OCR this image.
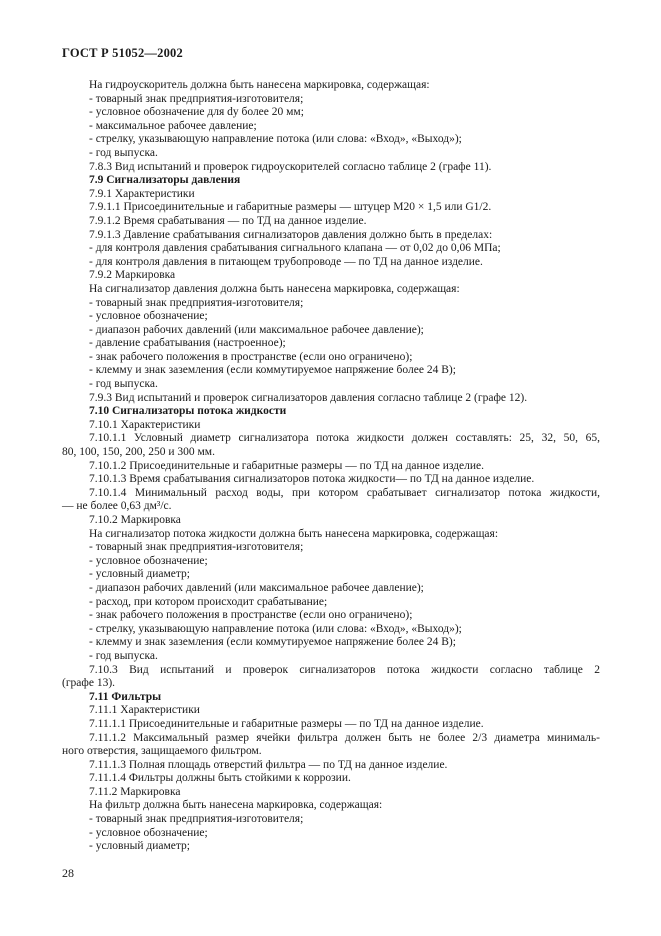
ГОСТ Р 51052—2002
На гидроускоритель должна быть нанесена маркировка, содержащая:
- товарный знак предприятия-изготовителя;
- условное обозначение для dy более 20 мм;
- максимальное рабочее давление;
- стрелку, указывающую направление потока (или слова: «Вход», «Выход»);
- год выпуска.
7.8.3 Вид испытаний и проверок гидроускорителей согласно таблице 2 (графе 11).
7.9 Сигнализаторы давления
7.9.1 Характеристики
7.9.1.1 Присоединительные и габаритные размеры — штуцер М20 × 1,5 или G1/2.
7.9.1.2 Время срабатывания — по ТД на данное изделие.
7.9.1.3 Давление срабатывания сигнализаторов давления должно быть в пределах:
- для контроля давления срабатывания сигнального клапана — от 0,02 до 0,06 МПа;
- для контроля давления в питающем трубопроводе — по ТД на данное изделие.
7.9.2 Маркировка
На сигнализатор давления должна быть нанесена маркировка, содержащая:
- товарный знак предприятия-изготовителя;
- условное обозначение;
- диапазон рабочих давлений (или максимальное рабочее давление);
- давление срабатывания (настроенное);
- знак рабочего положения в пространстве (если оно ограничено);
- клемму и знак заземления (если коммутируемое напряжение более 24 В);
- год выпуска.
7.9.3 Вид испытаний и проверок сигнализаторов давления согласно таблице 2 (графе 12).
7.10 Сигнализаторы потока жидкости
7.10.1 Характеристики
7.10.1.1 Условный диаметр сигнализатора потока жидкости должен составлять: 25, 32, 50, 65,
80, 100, 150, 200, 250 и 300 мм.
7.10.1.2 Присоединительные и габаритные размеры — по ТД на данное изделие.
7.10.1.3 Время срабатывания сигнализаторов потока жидкости— по ТД на данное изделие.
7.10.1.4 Минимальный расход воды, при котором срабатывает сигнализатор потока жидкости,
— не более 0,63 дм³/с.
7.10.2 Маркировка
На сигнализатор потока жидкости должна быть нанесена маркировка, содержащая:
- товарный знак предприятия-изготовителя;
- условное обозначение;
- условный диаметр;
- диапазон рабочих давлений (или максимальное рабочее давление);
- расход, при котором происходит срабатывание;
- знак рабочего положения в пространстве (если оно ограничено);
- стрелку, указывающую направление потока (или слова: «Вход», «Выход»);
- клемму и знак заземления (если коммутируемое напряжение более 24 В);
- год выпуска.
7.10.3 Вид испытаний и проверок сигнализаторов потока жидкости согласно таблице 2
(графе 13).
7.11 Фильтры
7.11.1 Характеристики
7.11.1.1 Присоединительные и габаритные размеры — по ТД на данное изделие.
7.11.1.2 Максимальный размер ячейки фильтра должен быть не более 2/3 диаметра минималь-
ного отверстия, защищаемого фильтром.
7.11.1.3 Полная площадь отверстий фильтра — по ТД на данное изделие.
7.11.1.4 Фильтры должны быть стойкими к коррозии.
7.11.2 Маркировка
На фильтр должна быть нанесена маркировка, содержащая:
- товарный знак предприятия-изготовителя;
- условное обозначение;
- условный диаметр;
28
